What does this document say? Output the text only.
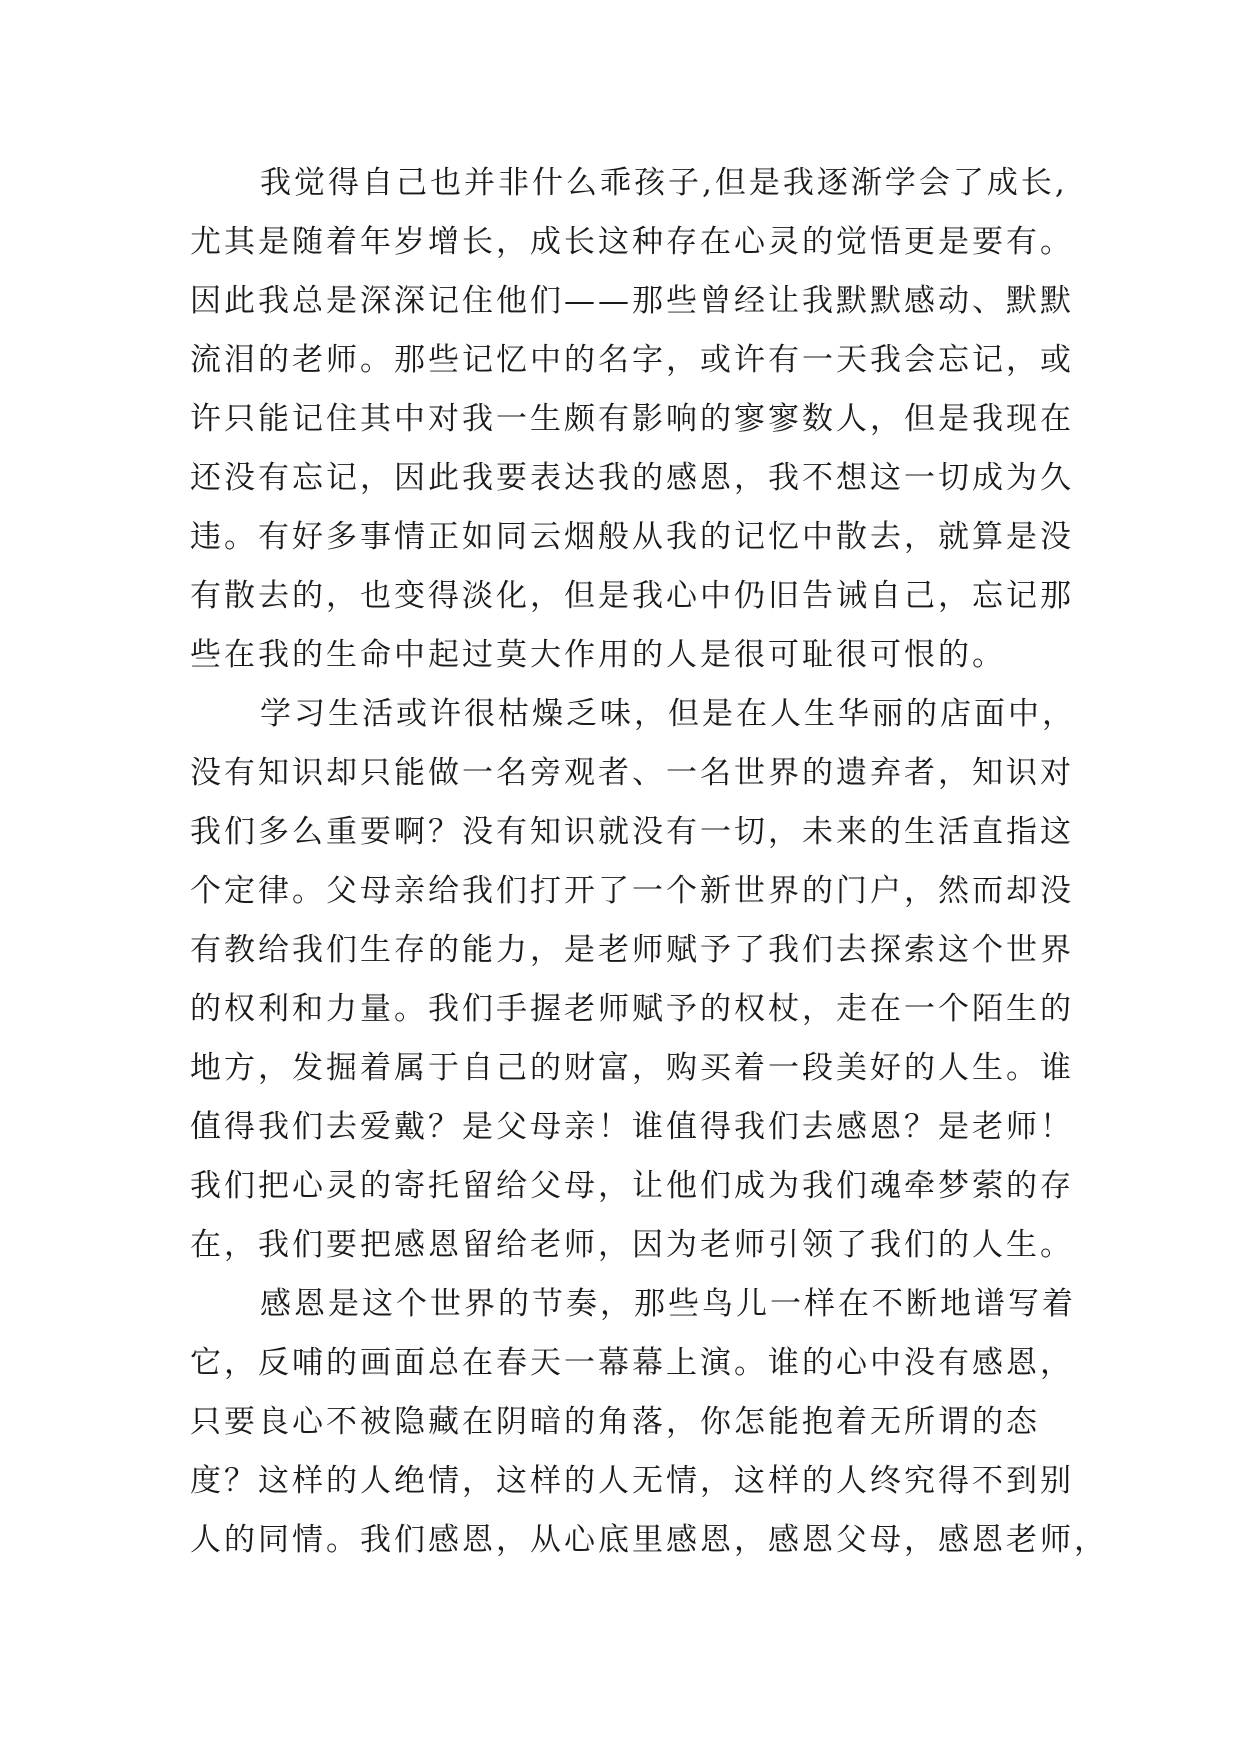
我觉得自己也并非什么乖孩子,但是我逐渐学会了成长,
尤其是随着年岁增长，成长这种存在心灵的觉悟更是要有。
因此我总是深深记住他们——那些曾经让我默默感动、默默
流泪的老师。那些记忆中的名字，或许有一天我会忘记，或
许只能记住其中对我一生颇有影响的寥寥数人，但是我现在
还没有忘记，因此我要表达我的感恩，我不想这一切成为久
违。有好多事情正如同云烟般从我的记忆中散去，就算是没
有散去的，也变得淡化，但是我心中仍旧告诫自己，忘记那
些在我的生命中起过莫大作用的人是很可耻很可恨的。
学习生活或许很枯燥乏味，但是在人生华丽的店面中，
没有知识却只能做一名旁观者、一名世界的遗弃者，知识对
我们多么重要啊？没有知识就没有一切，未来的生活直指这
个定律。父母亲给我们打开了一个新世界的门户，然而却没
有教给我们生存的能力，是老师赋予了我们去探索这个世界
的权利和力量。我们手握老师赋予的权杖，走在一个陌生的
地方，发掘着属于自己的财富，购买着一段美好的人生。谁
值得我们去爱戴？是父母亲！谁值得我们去感恩？是老师！
我们把心灵的寄托留给父母，让他们成为我们魂牵梦萦的存
在，我们要把感恩留给老师，因为老师引领了我们的人生。
感恩是这个世界的节奏，那些鸟儿一样在不断地谱写着
它，反哺的画面总在春天一幕幕上演。谁的心中没有感恩，
只要良心不被隐藏在阴暗的角落，你怎能抱着无所谓的态
度？这样的人绝情，这样的人无情，这样的人终究得不到别
人的同情。我们感恩，从心底里感恩，感恩父母，感恩老师，
